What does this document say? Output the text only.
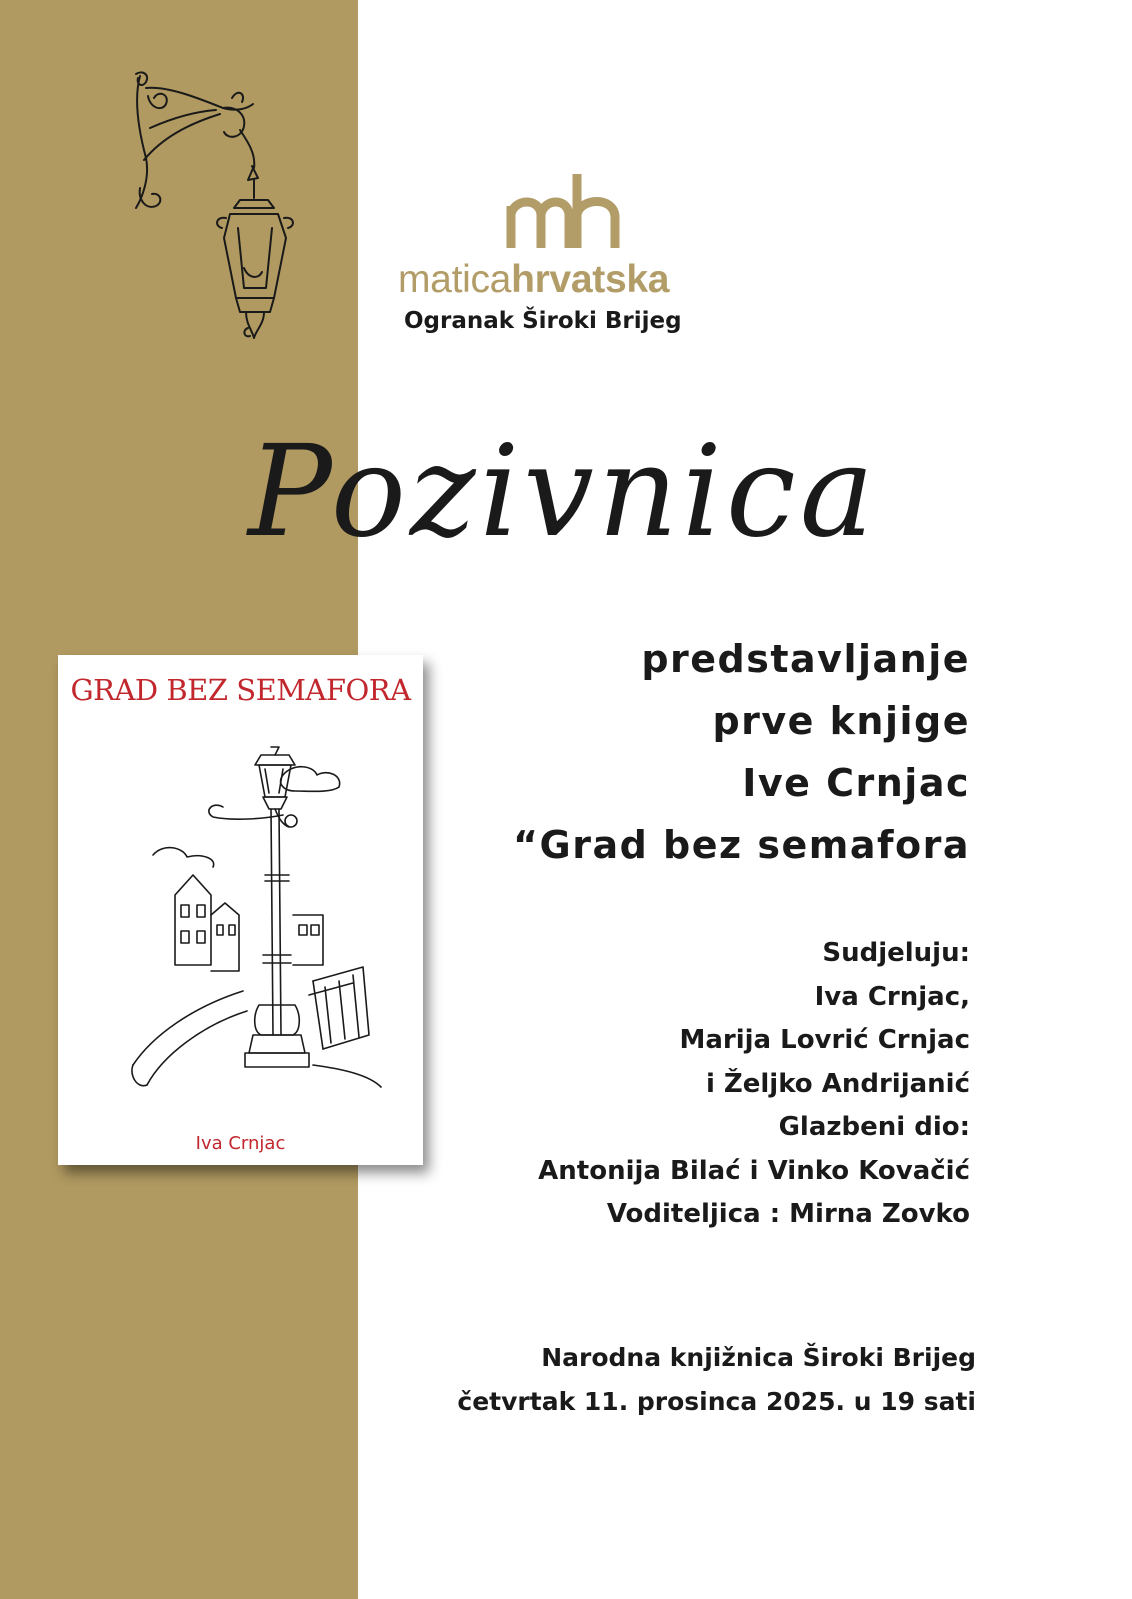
maticahrvatska
Ogranak Široki Brijeg
Pozivnica
predstavljanje
prve knjige
Ive Crnjac
“Grad bez semafora
Sudjeluju:
Iva Crnjac,
Marija Lovrić Crnjac
i Željko Andrijanić
Glazbeni dio:
Antonija Bilać i Vinko Kovačić
Voditeljica : Mirna Zovko
Narodna knjižnica Široki Brijeg
četvrtak 11. prosinca 2025. u 19 sati
GRAD BEZ SEMAFORA
Iva Crnjac
